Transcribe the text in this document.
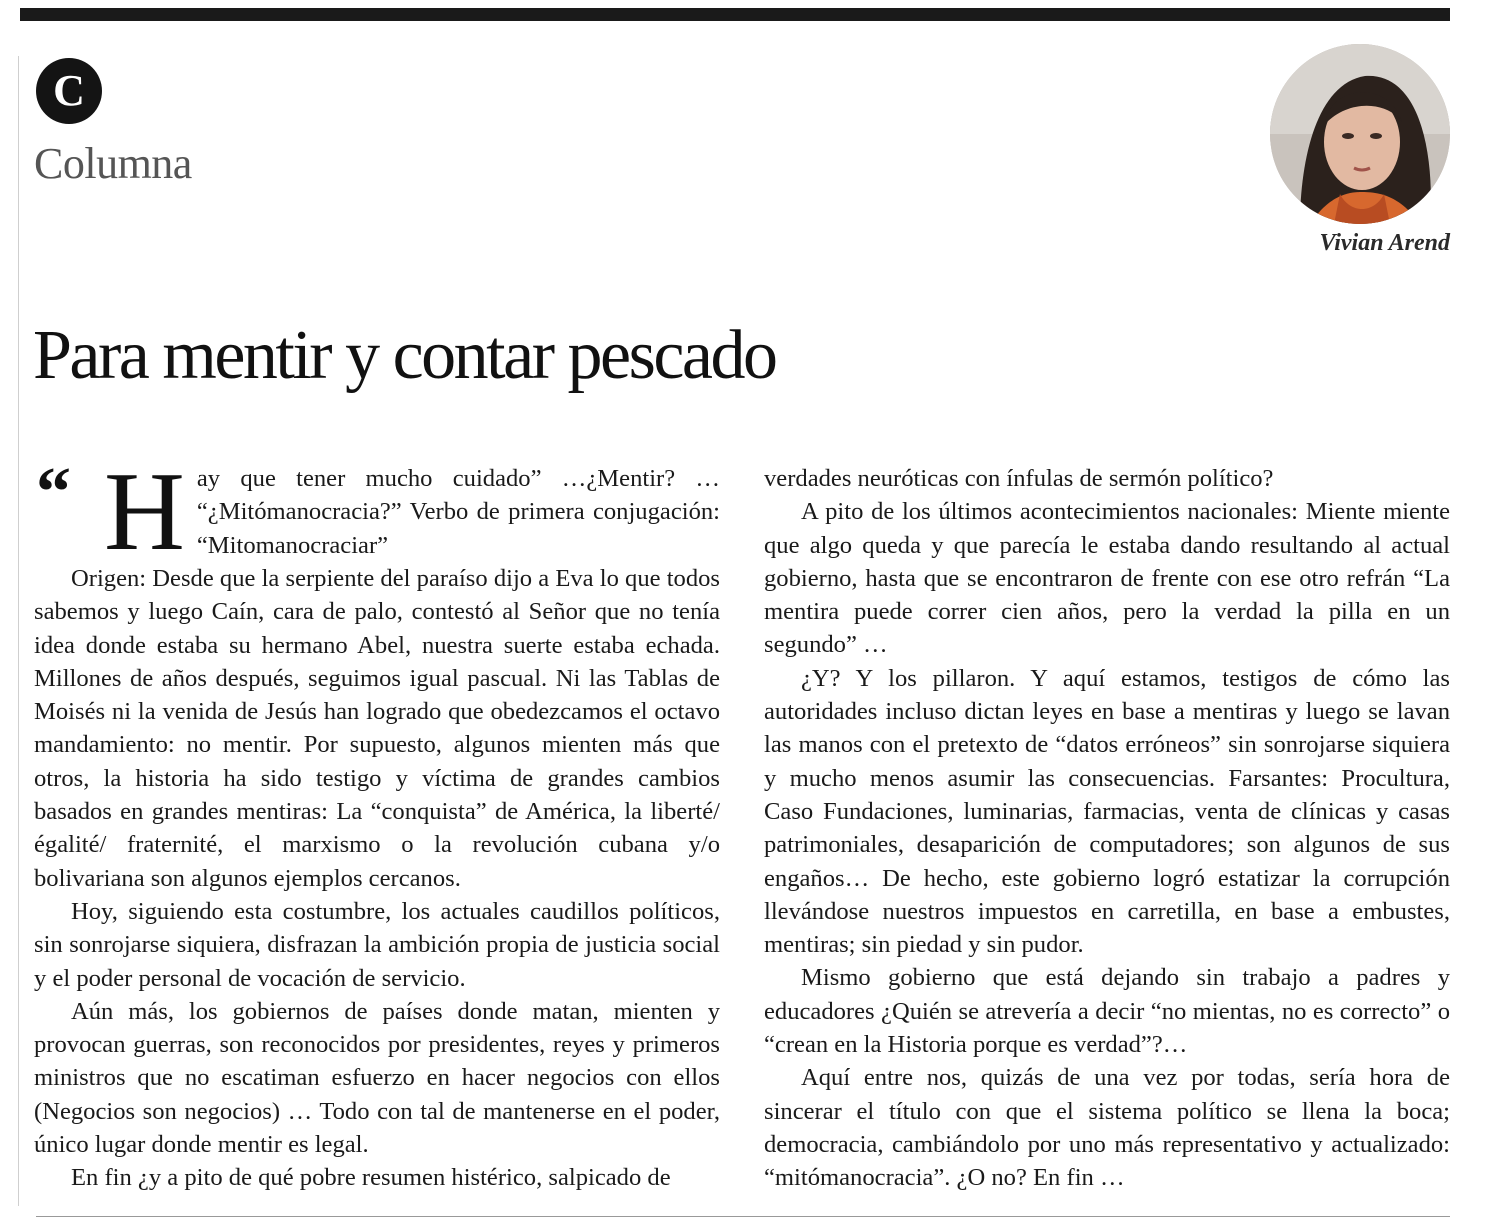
C
Columna
Vivian Arend
Para mentir y contar pescado
“ H ay que tener mucho cuidado” …¿Mentir? … “¿Mitómanocracia?” Verbo de primera conjugación: “Mitomanocraciar”

Origen: Desde que la serpiente del paraíso dijo a Eva lo que todos sabemos y luego Caín, cara de palo, contestó al Señor que no tenía idea donde estaba su hermano Abel, nuestra suerte estaba echada. Millones de años después, seguimos igual pascual. Ni las Tablas de Moisés ni la venida de Jesús han logrado que obedezcamos el octavo mandamiento: no mentir. Por supuesto, algunos mienten más que otros, la historia ha sido testigo y víctima de grandes cambios basados en grandes mentiras: La “conquista” de América, la liberté/égalité/ fraternité, el marxismo o la revolución cubana y/o bolivariana son algunos ejemplos cercanos.

Hoy, siguiendo esta costumbre, los actuales caudillos políticos, sin sonrojarse siquiera, disfrazan la ambición propia de justicia social y el poder personal de vocación de servicio.

Aún más, los gobiernos de países donde matan, mienten y provocan guerras, son reconocidos por presidentes, reyes y primeros ministros que no escatiman esfuerzo en hacer negocios con ellos (Negocios son negocios) … Todo con tal de mantenerse en el poder, único lugar donde mentir es legal.

En fin ¿y a pito de qué pobre resumen histérico, salpicado de

verdades neuróticas con ínfulas de sermón político?

A pito de los últimos acontecimientos nacionales: Miente miente que algo queda y que parecía le estaba dando resultando al actual gobierno, hasta que se encontraron de frente con ese otro refrán “La mentira puede correr cien años, pero la verdad la pilla en un segundo” …

¿Y? Y los pillaron. Y aquí estamos, testigos de cómo las autoridades incluso dictan leyes en base a mentiras y luego se lavan las manos con el pretexto de “datos erróneos” sin sonrojarse siquiera y mucho menos asumir las consecuencias. Farsantes: Procultura, Caso Fundaciones, luminarias, farmacias, venta de clínicas y casas patrimoniales, desaparición de computadores; son algunos de sus engaños… De hecho, este gobierno logró estatizar la corrupción llevándose nuestros impuestos en carretilla, en base a embustes, mentiras; sin piedad y sin pudor.

Mismo gobierno que está dejando sin trabajo a padres y educadores ¿Quién se atrevería a decir “no mientas, no es correcto” o “crean en la Historia porque es verdad”?…

Aquí entre nos, quizás de una vez por todas, sería hora de sincerar el título con que el sistema político se llena la boca; democracia, cambiándolo por uno más representativo y actualizado: “mitómanocracia”. ¿O no? En fin …
